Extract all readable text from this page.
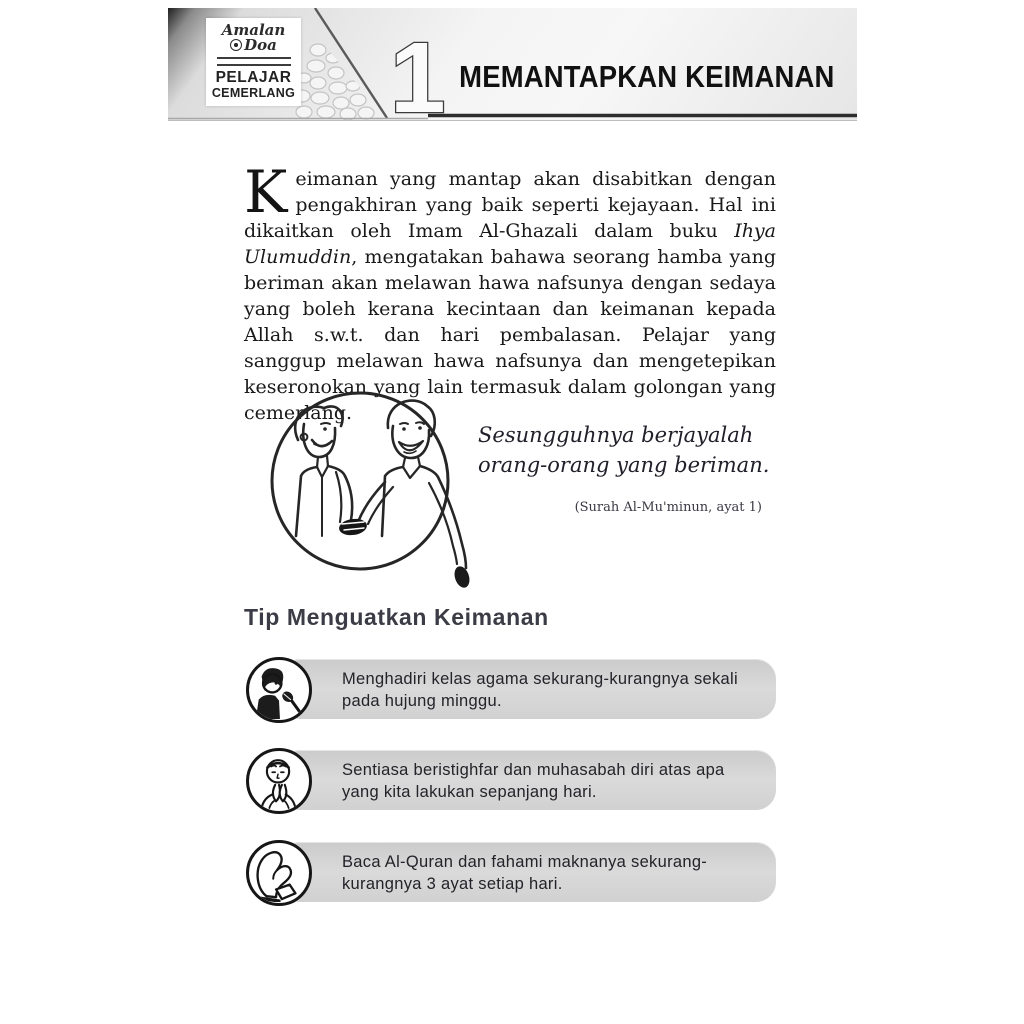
1
Amalan
Doa
PELAJAR
CEMERLANG	MEMANTAPKAN KEIMANAN
Keimanan yang mantap akan disabitkan dengan pengakhiran yang baik seperti kejayaan. Hal ini dikaitkan oleh Imam Al-Ghazali dalam buku Ihya Ulumuddin, mengatakan bahawa seorang hamba yang beriman akan melawan hawa nafsunya dengan sedaya yang boleh kerana kecintaan dan keimanan kepada Allah s.w.t. dan hari pembalasan. Pelajar yang sanggup melawan hawa nafsunya dan mengetepikan keseronokan yang lain termasuk dalam golongan yang cemerlang.
Sesungguhnya berjayalah orang-orang yang beriman.
(Surah Al-Mu'minun, ayat 1)
Tip Menguatkan Keimanan
Menghadiri kelas agama sekurang-kurangnya sekali pada hujung minggu.
Sentiasa beristighfar dan muhasabah diri atas apa yang kita lakukan sepanjang hari.
Baca Al-Quran dan fahami maknanya sekurang-kurangnya 3 ayat setiap hari.
